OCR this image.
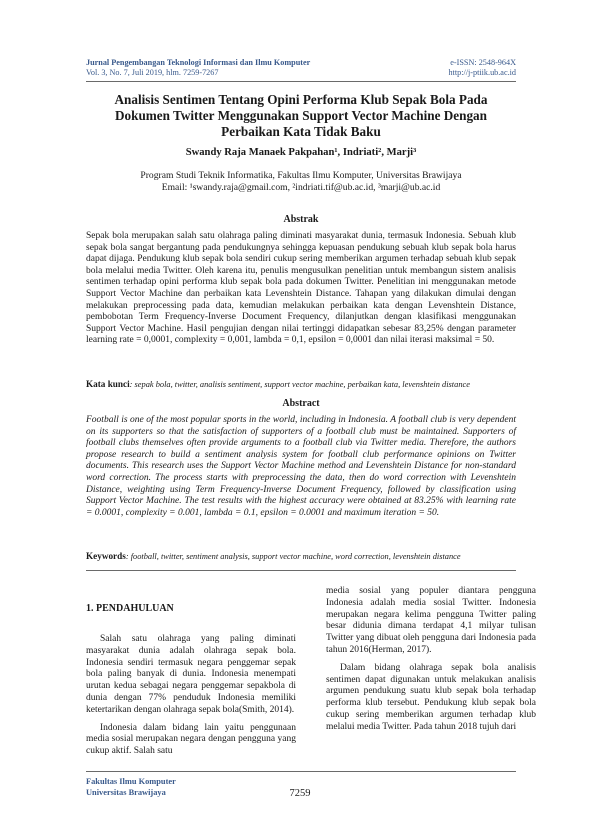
Jurnal Pengembangan Teknologi Informasi dan Ilmu Komputer
Vol. 3, No. 7, Juli 2019, hlm. 7259-7267
e-ISSN: 2548-964X
http://j-ptiik.ub.ac.id
Analisis Sentimen Tentang Opini Performa Klub Sepak Bola Pada
Dokumen Twitter Menggunakan Support Vector Machine Dengan
Perbaikan Kata Tidak Baku
Swandy Raja Manaek Pakpahan¹, Indriati², Marji³
Program Studi Teknik Informatika, Fakultas Ilmu Komputer, Universitas Brawijaya
Email: ¹swandy.raja@gmail.com, ²indriati.tif@ub.ac.id, ³marji@ub.ac.id
Abstrak
Sepak bola merupakan salah satu olahraga paling diminati masyarakat dunia, termasuk Indonesia. Sebuah klub sepak bola sangat bergantung pada pendukungnya sehingga kepuasan pendukung sebuah klub sepak bola harus dapat dijaga. Pendukung klub sepak bola sendiri cukup sering memberikan argumen terhadap sebuah klub sepak bola melalui media Twitter. Oleh karena itu, penulis mengusulkan penelitian untuk membangun sistem analisis sentimen terhadap opini performa klub sepak bola pada dokumen Twitter. Penelitian ini menggunakan metode Support Vector Machine dan perbaikan kata Levenshtein Distance. Tahapan yang dilakukan dimulai dengan melakukan preprocessing pada data, kemudian melakukan perbaikan kata dengan Levenshtein Distance, pembobotan Term Frequency-Inverse Document Frequency, dilanjutkan dengan klasifikasi menggunakan Support Vector Machine. Hasil pengujian dengan nilai tertinggi didapatkan sebesar 83,25% dengan parameter learning rate = 0,0001, complexity = 0,001, lambda = 0,1, epsilon = 0,0001 dan nilai iterasi maksimal = 50.
Kata kunci: sepak bola, twitter, analisis sentiment, support vector machine, perbaikan kata, levenshtein distance
Abstract
Football is one of the most popular sports in the world, including in Indonesia. A football club is very dependent on its supporters so that the satisfaction of supporters of a football club must be maintained. Supporters of football clubs themselves often provide arguments to a football club via Twitter media. Therefore, the authors propose research to build a sentiment analysis system for football club performance opinions on Twitter documents. This research uses the Support Vector Machine method and Levenshtein Distance for non-standard word correction. The process starts with preprocessing the data, then do word correction with Levenshtein Distance, weighting using Term Frequency-Inverse Document Frequency, followed by classification using Support Vector Machine. The test results with the highest accuracy were obtained at 83.25% with learning rate = 0.0001, complexity = 0.001, lambda = 0.1, epsilon = 0.0001 and maximum iteration = 50.
Keywords: football, twitter, sentiment analysis, support vector machine, word correction, levenshtein distance
1. PENDAHULUAN

Salah satu olahraga yang paling diminati masyarakat dunia adalah olahraga sepak bola. Indonesia sendiri termasuk negara penggemar sepak bola paling banyak di dunia. Indonesia menempati urutan kedua sebagai negara penggemar sepakbola di dunia dengan 77% penduduk Indonesia memiliki ketertarikan dengan olahraga sepak bola(Smith, 2014).

Indonesia dalam bidang lain yaitu penggunaan media sosial merupakan negara dengan pengguna yang cukup aktif. Salah satu

media sosial yang populer diantara pengguna Indonesia adalah media sosial Twitter. Indonesia merupakan negara kelima pengguna Twitter paling besar didunia dimana terdapat 4,1 milyar tulisan Twitter yang dibuat oleh pengguna dari Indonesia pada tahun 2016(Herman, 2017).

Dalam bidang olahraga sepak bola analisis sentimen dapat digunakan untuk melakukan analisis argumen pendukung suatu klub sepak bola terhadap performa klub tersebut. Pendukung klub sepak bola cukup sering memberikan argumen terhadap klub melalui media Twitter. Pada tahun 2018 tujuh dari

Fakultas Ilmu Komputer
Universitas Brawijaya	7259
